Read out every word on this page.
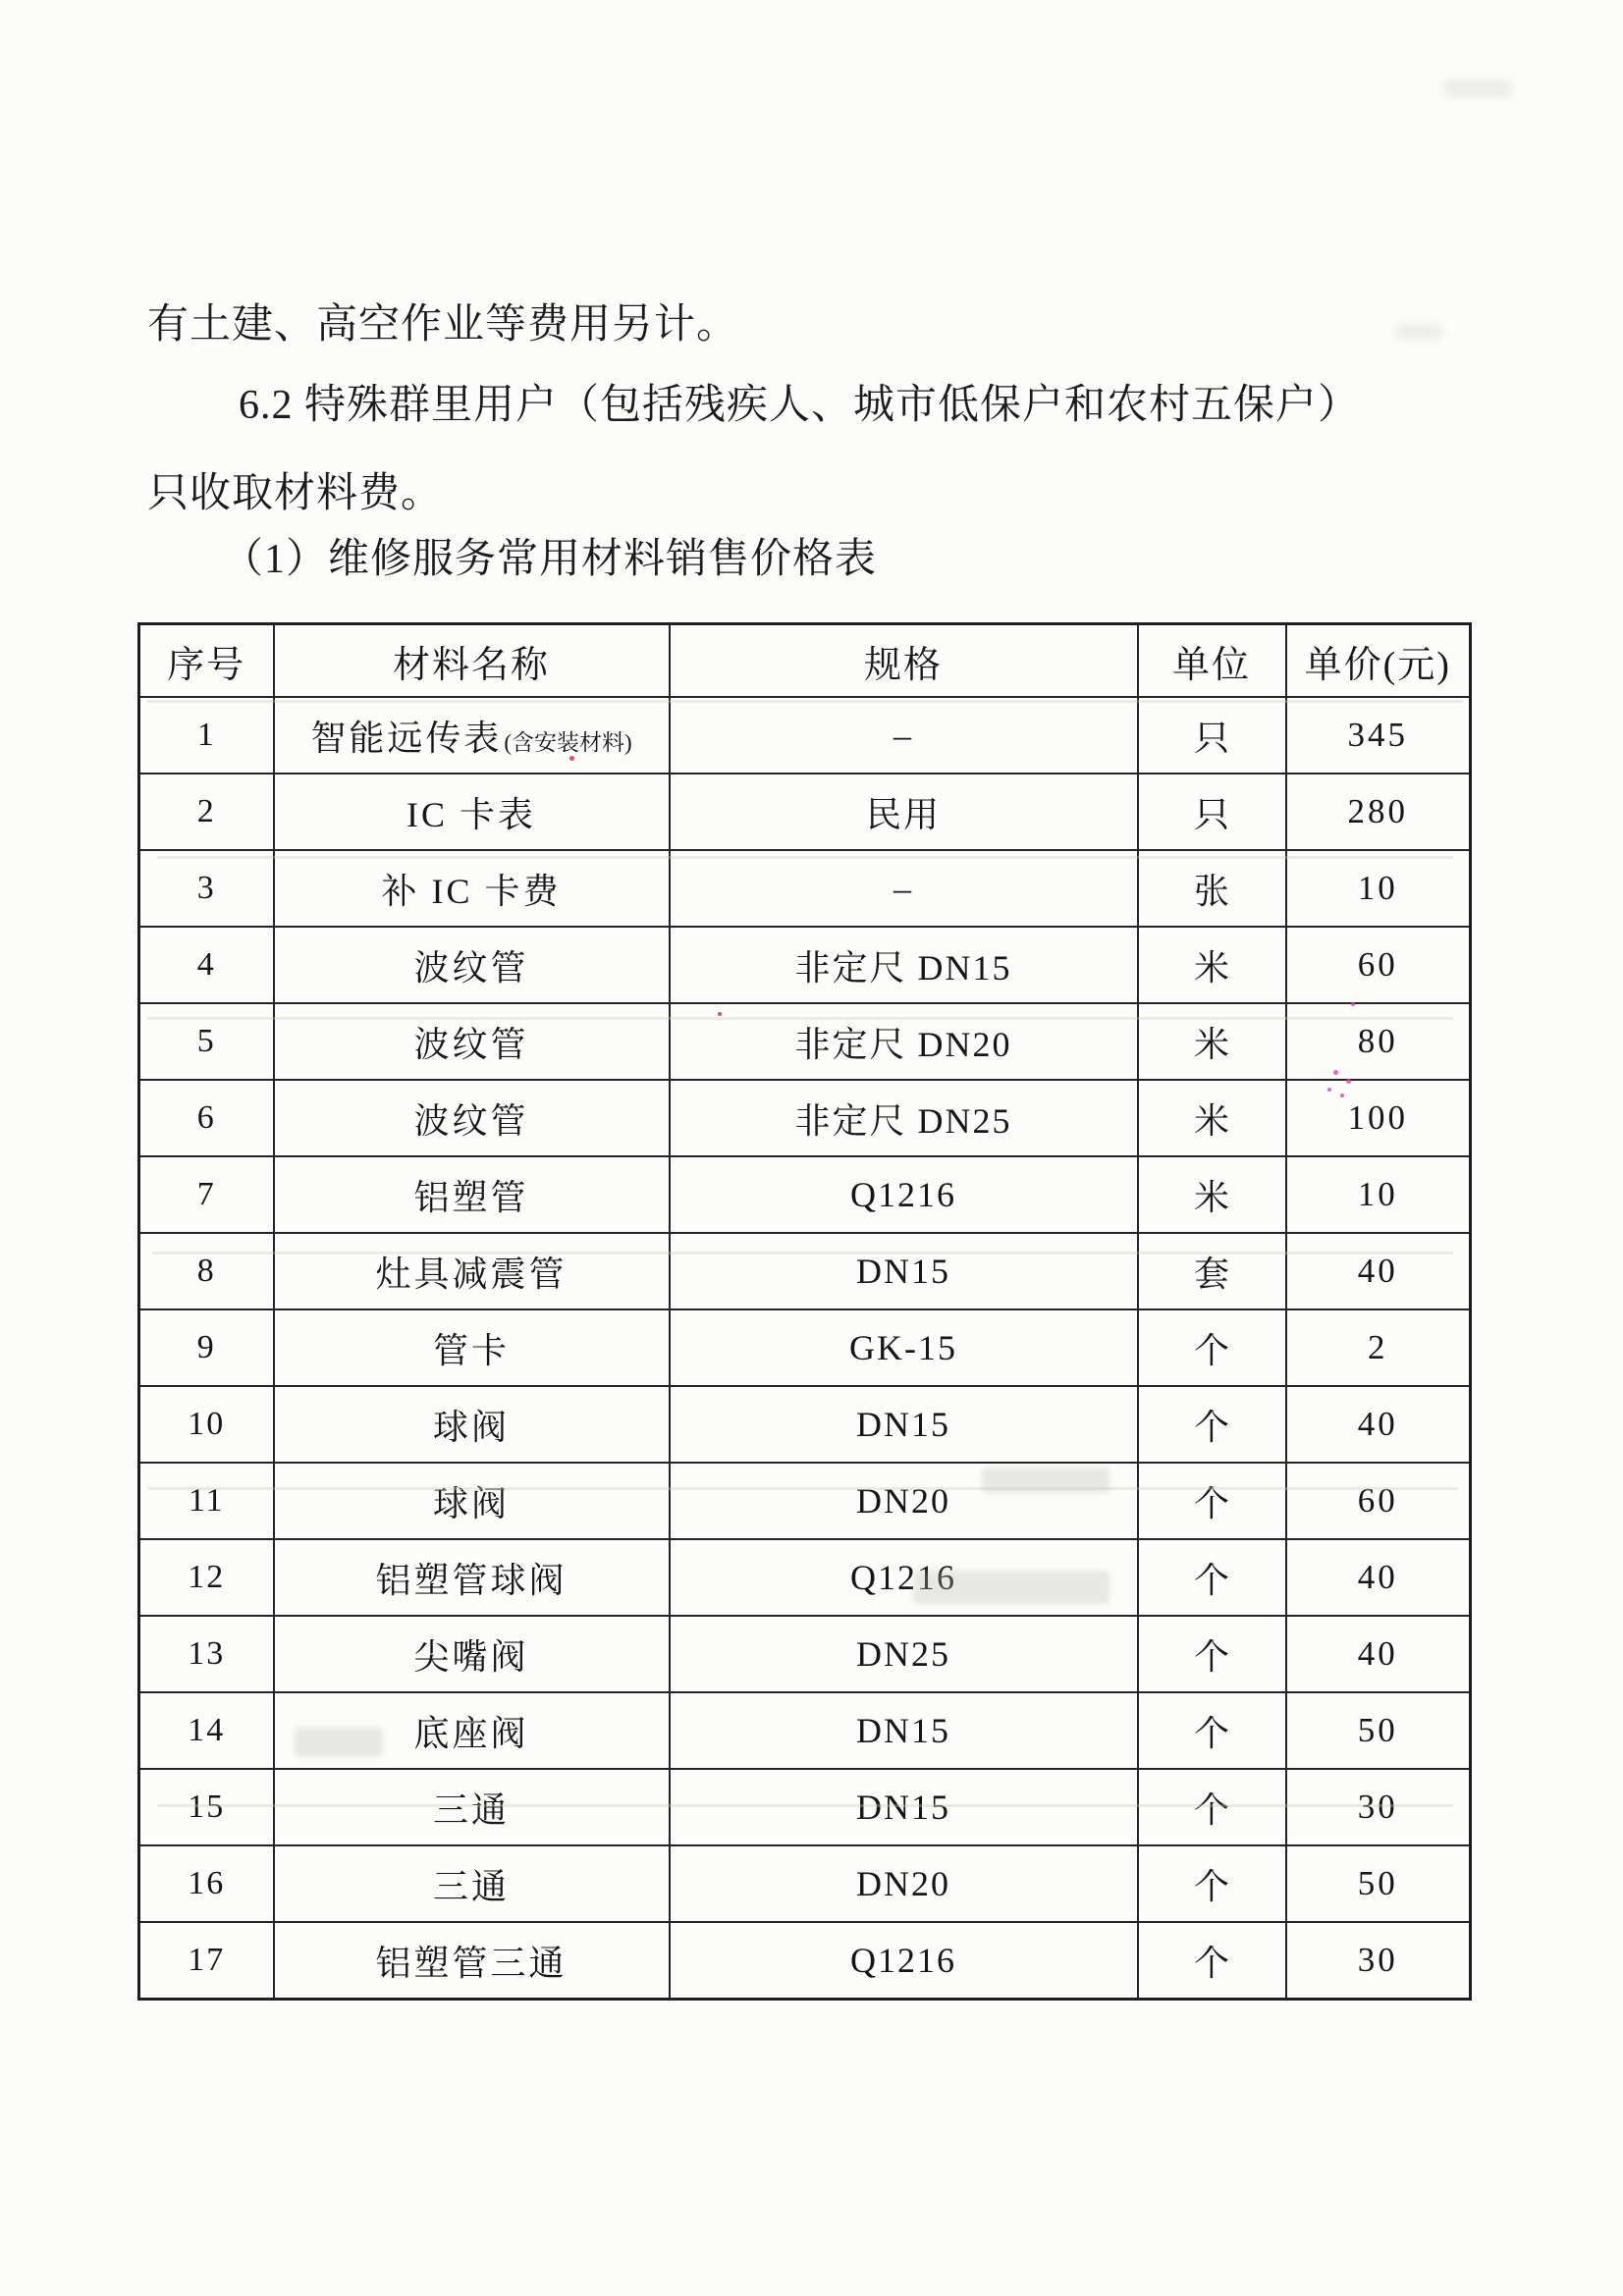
有土建、高空作业等费用另计。

6.2 特殊群里用户（包括残疾人、城市低保户和农村五保户）

只收取材料费。

（1）维修服务常用材料销售价格表

序号	材料名称	规格	单位	单价(元)
1	智能远传表(含安装材料)	–	只	345
2	IC 卡表	民用	只	280
3	补 IC 卡费	–	张	10
4	波纹管	非定尺 DN15	米	60
5	波纹管	非定尺 DN20	米	80
6	波纹管	非定尺 DN25	米	100
7	铝塑管	Q1216	米	10
8	灶具减震管	DN15	套	40
9	管卡	GK-15	个	2
10	球阀	DN15	个	40
11	球阀	DN20	个	60
12	铝塑管球阀	Q1216	个	40
13	尖嘴阀	DN25	个	40
14	底座阀	DN15	个	50
15	三通	DN15	个	30
16	三通	DN20	个	50
17	铝塑管三通	Q1216	个	30
